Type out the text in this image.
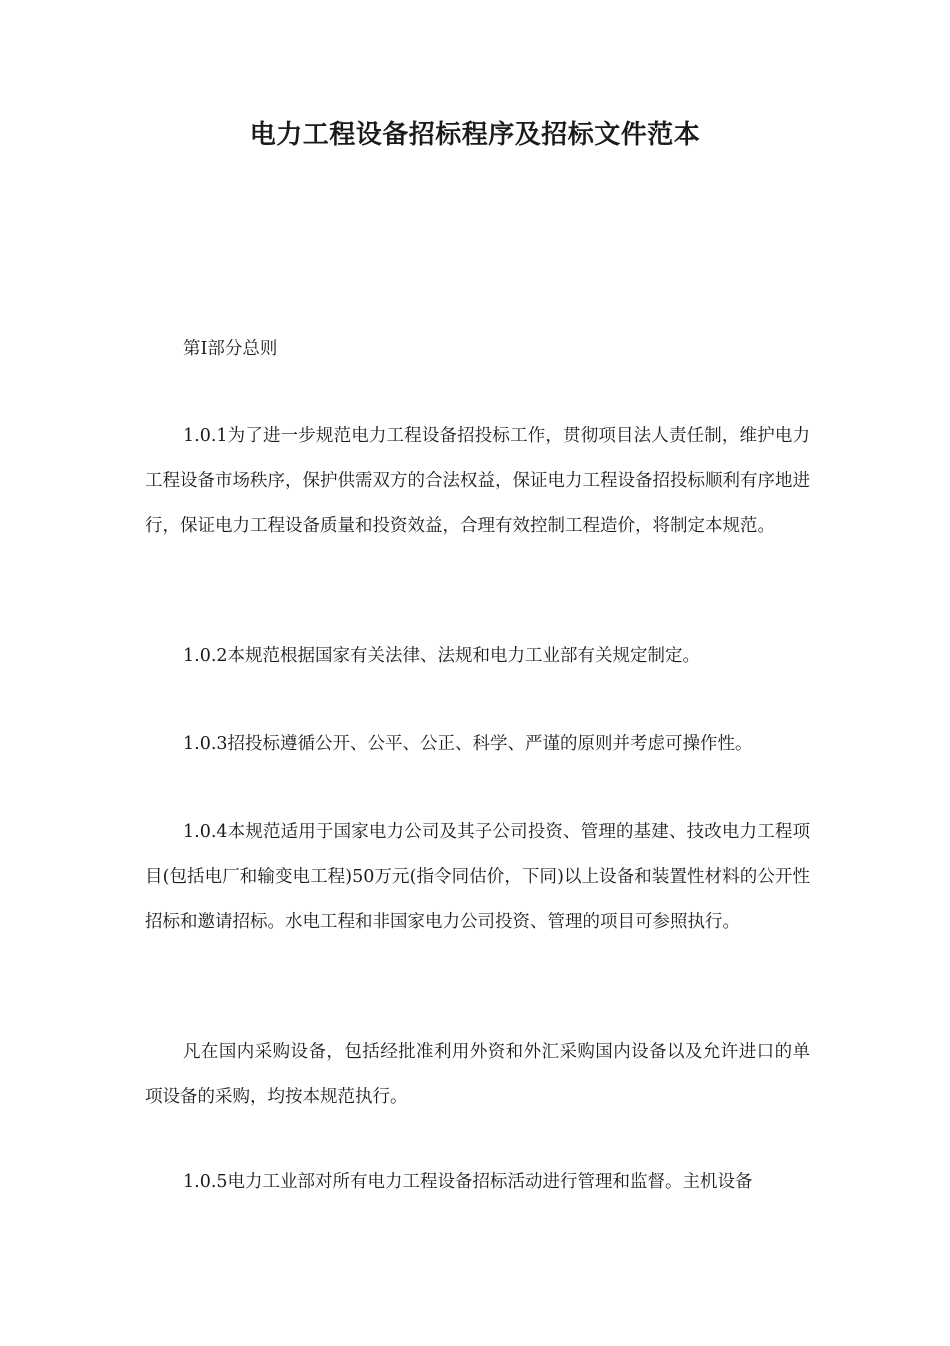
电力工程设备招标程序及招标文件范本

第I部分总则

1.0.1为了进一步规范电力工程设备招投标工作，贯彻项目法人责任制，维护电力工程设备市场秩序，保护供需双方的合法权益，保证电力工程设备招投标顺利有序地进行，保证电力工程设备质量和投资效益，合理有效控制工程造价，将制定本规范。

1.0.2本规范根据国家有关法律、法规和电力工业部有关规定制定。

1.0.3招投标遵循公开、公平、公正、科学、严谨的原则并考虑可操作性。

1.0.4本规范适用于国家电力公司及其子公司投资、管理的基建、技改电力工程项目(包括电厂和输变电工程)50万元(指令同估价，下同)以上设备和装置性材料的公开性招标和邀请招标。水电工程和非国家电力公司投资、管理的项目可参照执行。

凡在国内采购设备，包括经批准利用外资和外汇采购国内设备以及允许进口的单项设备的采购，均按本规范执行。

1.0.5电力工业部对所有电力工程设备招标活动进行管理和监督。主机设备
